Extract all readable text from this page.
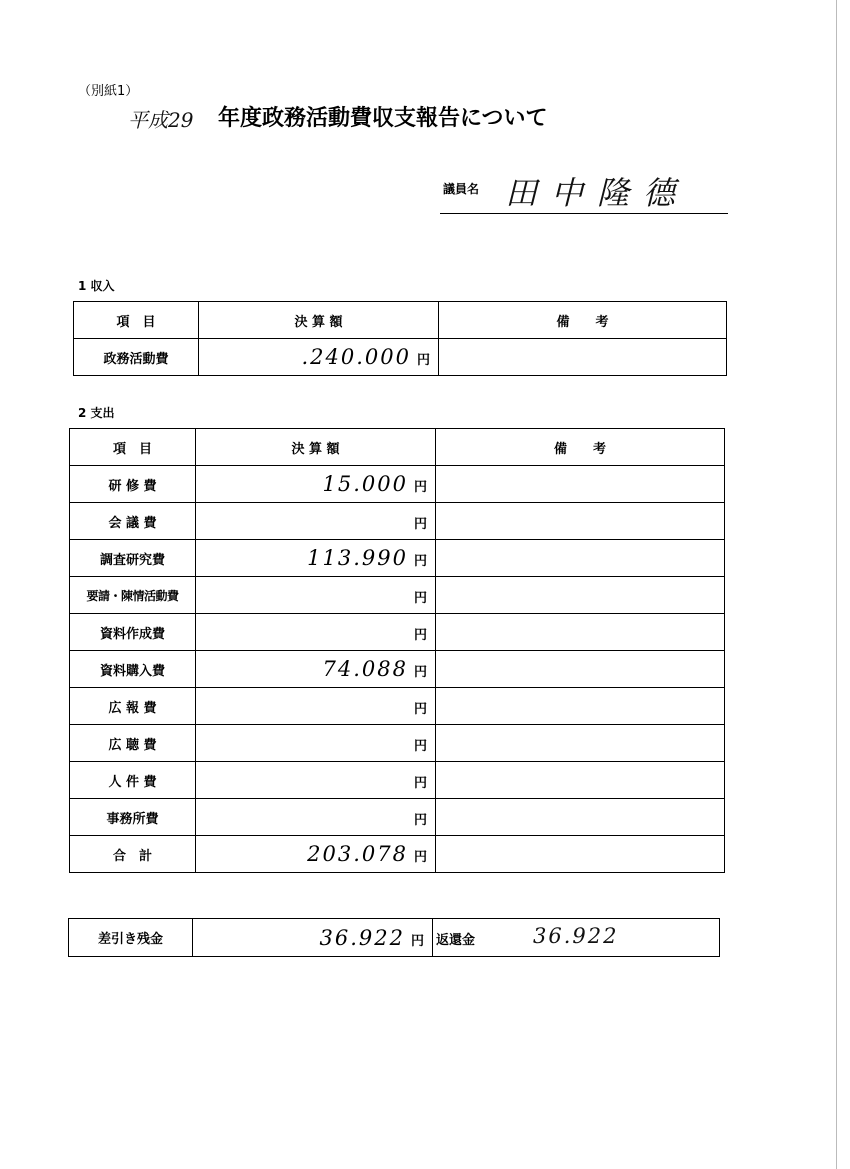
（別紙1）
平成29 年度政務活動費収支報告について
議員名 田中隆德
1 収入
項　目	決 算 額	備　　考
政務活動費	.240.000 円	
2 支出
項　目	決 算 額	備　　考
研 修 費	15.000 円	
会 議 費	円	
調査研究費	113.990 円	
要請・陳情活動費	円	
資料作成費	円	
資料購入費	74.088 円	
広 報 費	円	
広 聴 費	円	
人 件 費	円	
事務所費	円	
合　計	203.078 円	
差引き残金	36.922 円	返還金	36.922
